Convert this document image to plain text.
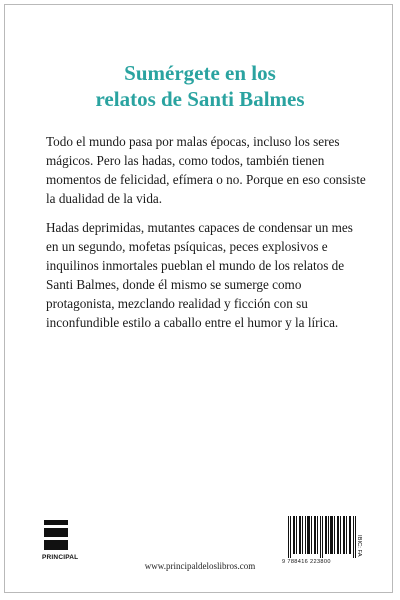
Sumérgete en los
relatos de Santi Balmes

Todo el mundo pasa por malas épocas, incluso los seres mágicos. Pero las hadas, como todos, también tienen momentos de felicidad, efímera o no. Porque en eso consiste la dualidad de la vida.

Hadas deprimidas, mutantes capaces de condensar un mes en un segundo, mofetas psíquicas, peces explosivos e inquilinos inmortales pueblan el mundo de los relatos de Santi Balmes, donde él mismo se sumerge como protagonista, mezclando realidad y ficción con su inconfundible estilo a caballo entre el humor y la lírica.

PRINCIPAL
www.principaldeloslibros.com	9 788416 223800
IBIC: FA
